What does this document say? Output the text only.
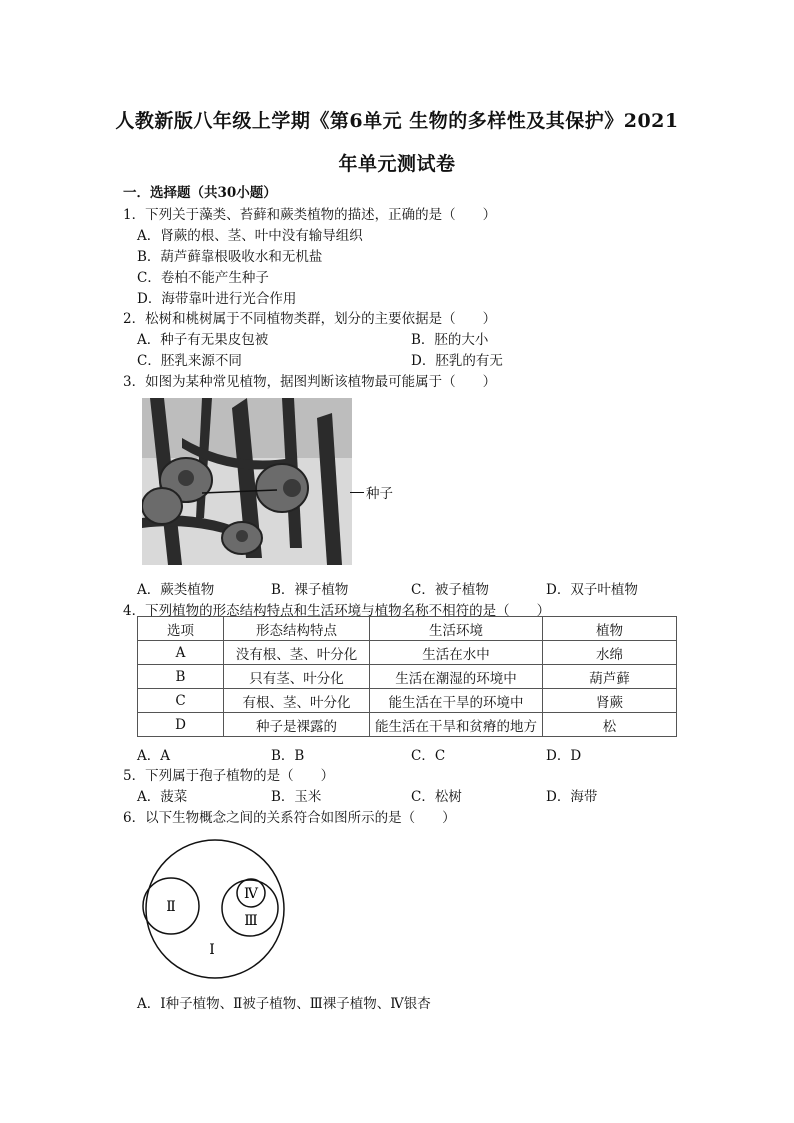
人教新版八年级上学期《第6单元 生物的多样性及其保护》2021
年单元测试卷
一．选择题（共30小题）
1．下列关于藻类、苔藓和蕨类植物的描述，正确的是（　　）
A．肾蕨的根、茎、叶中没有输导组织
B．葫芦藓靠根吸收水和无机盐
C．卷柏不能产生种子
D．海带靠叶进行光合作用
2．松树和桃树属于不同植物类群，划分的主要依据是（　　）
A．种子有无果皮包被	B．胚的大小
C．胚乳来源不同	D．胚乳的有无
3．如图为某种常见植物，据图判断该植物最可能属于（　　）
种子
A．蕨类植物	B．裸子植物	C．被子植物	D．双子叶植物
4．下列植物的形态结构特点和生活环境与植物名称不相符的是（　　）
选项	形态结构特点	生活环境	植物
A	没有根、茎、叶分化	生活在水中	水绵
B	只有茎、叶分化	生活在潮湿的环境中	葫芦藓
C	有根、茎、叶分化	能生活在干旱的环境中	肾蕨
D	种子是裸露的	能生活在干旱和贫瘠的地方	松
A．A	B．B	C．C	D．D
5．下列属于孢子植物的是（　　）
A．菠菜	B．玉米	C．松树	D．海带
6．以下生物概念之间的关系符合如图所示的是（　　）
Ⅰ
Ⅱ
Ⅲ
Ⅳ
A．Ⅰ种子植物、Ⅱ被子植物、Ⅲ裸子植物、Ⅳ银杏
